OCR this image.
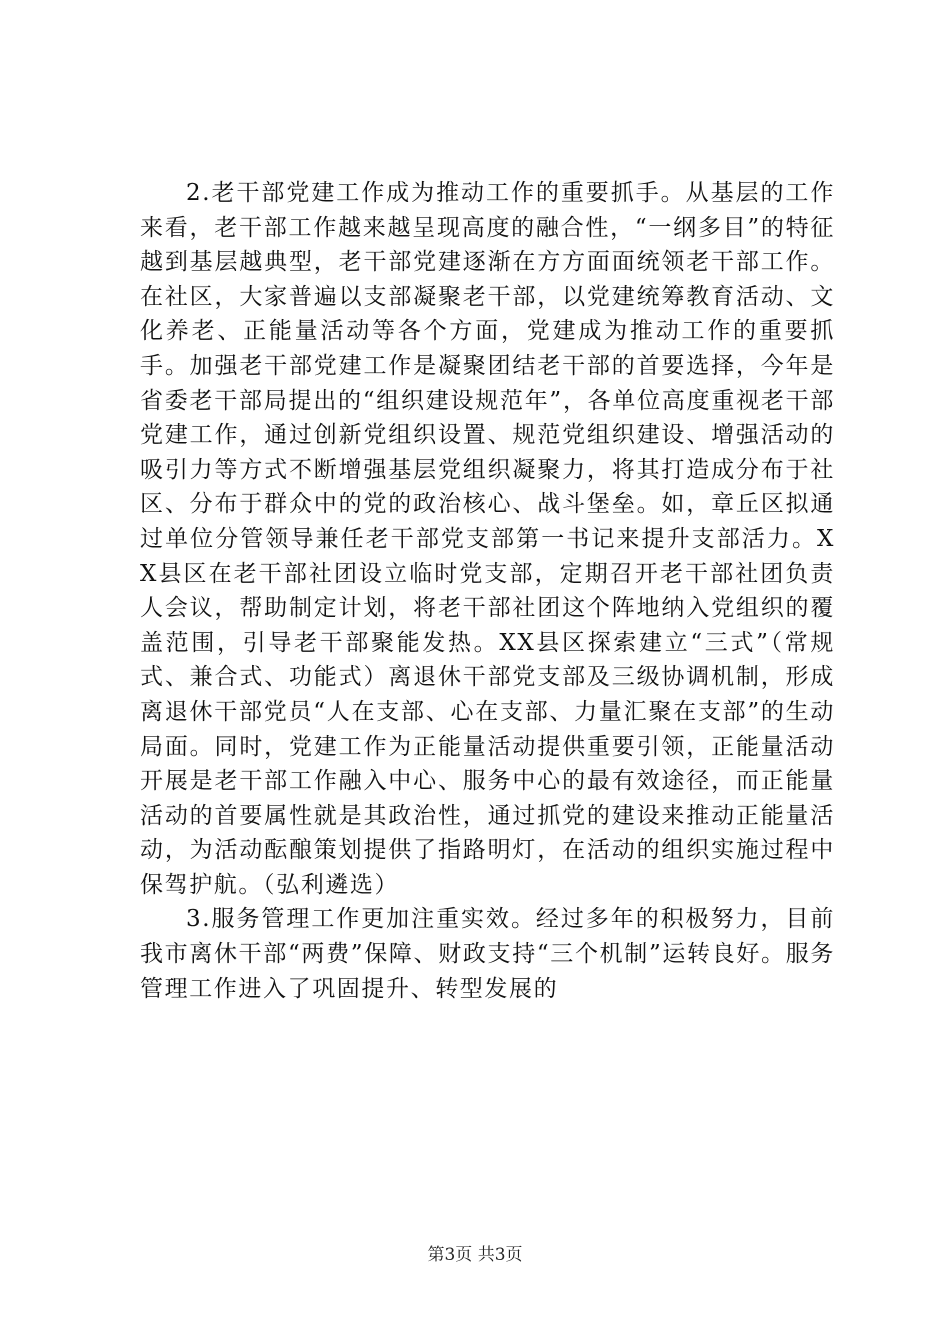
2.老干部党建工作成为推动工作的重要抓手。从基层的工作来看，老干部工作越来越呈现高度的融合性，“一纲多目”的特征越到基层越典型，老干部党建逐渐在方方面面统领老干部工作。在社区，大家普遍以支部凝聚老干部，以党建统筹教育活动、文化养老、正能量活动等各个方面，党建成为推动工作的重要抓手。加强老干部党建工作是凝聚团结老干部的首要选择，今年是省委老干部局提出的“组织建设规范年”，各单位高度重视老干部党建工作，通过创新党组织设置、规范党组织建设、增强活动的吸引力等方式不断增强基层党组织凝聚力，将其打造成分布于社区、分布于群众中的党的政治核心、战斗堡垒。如，章丘区拟通过单位分管领导兼任老干部党支部第一书记来提升支部活力。XX县区在老干部社团设立临时党支部，定期召开老干部社团负责人会议，帮助制定计划，将老干部社团这个阵地纳入党组织的覆盖范围，引导老干部聚能发热。XX县区探索建立“三式”（常规式、兼合式、功能式）离退休干部党支部及三级协调机制，形成离退休干部党员“人在支部、心在支部、力量汇聚在支部”的生动局面。同时，党建工作为正能量活动提供重要引领，正能量活动开展是老干部工作融入中心、服务中心的最有效途径，而正能量活动的首要属性就是其政治性，通过抓党的建设来推动正能量活动，为活动酝酿策划提供了指路明灯，在活动的组织实施过程中保驾护航。（弘利遴选）

3.服务管理工作更加注重实效。经过多年的积极努力，目前我市离休干部“两费”保障、财政支持“三个机制”运转良好。服务管理工作进入了巩固提升、转型发展的

第3页 共3页
